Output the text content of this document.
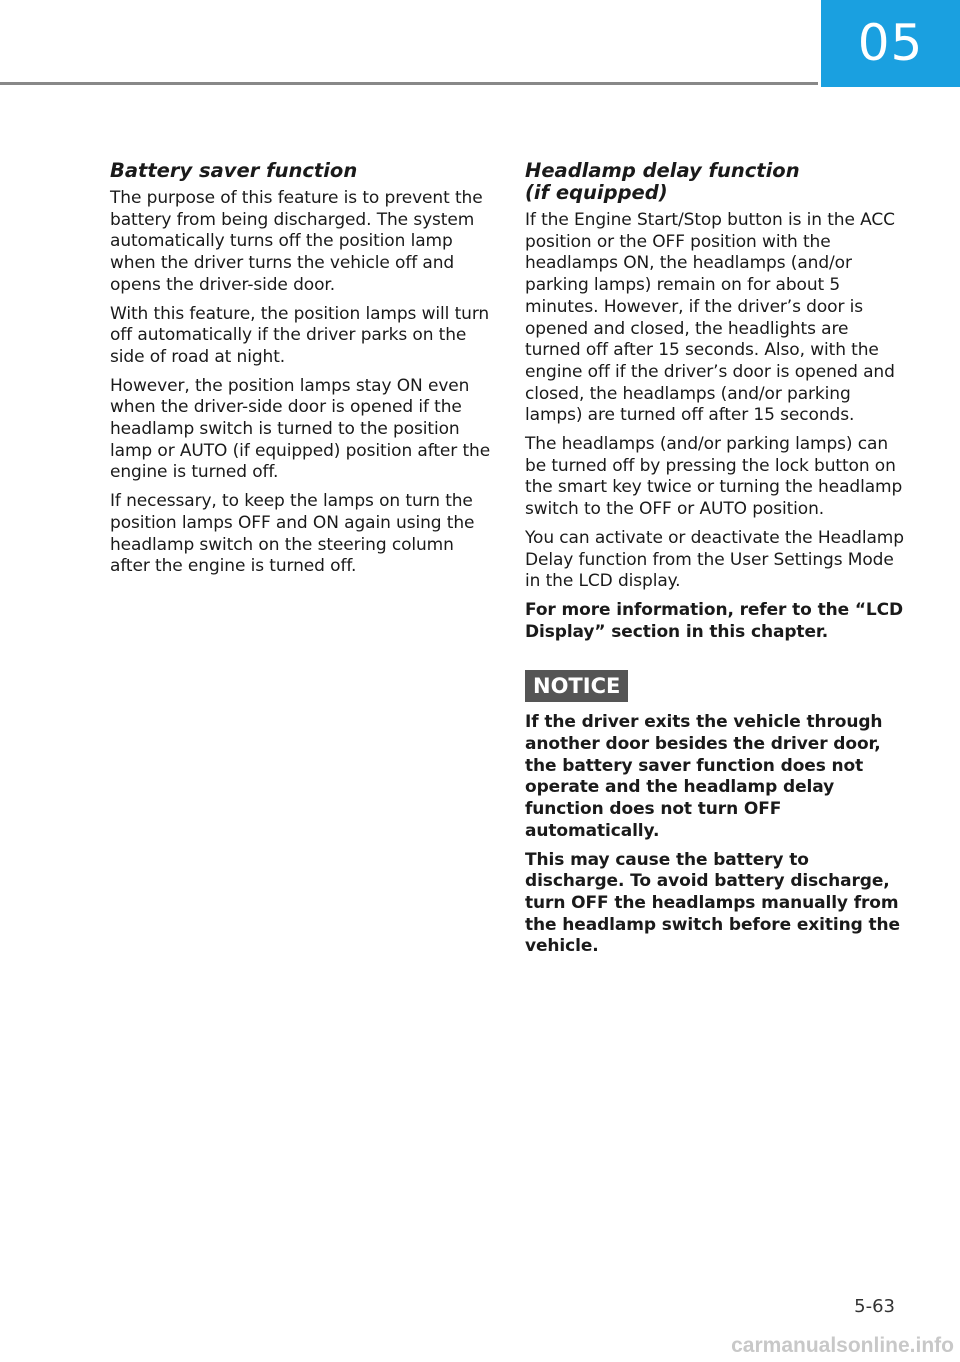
05
Battery saver function

The purpose of this feature is to prevent the battery from being discharged. The system automatically turns off the position lamp when the driver turns the vehicle off and opens the driver-side door.

With this feature, the position lamps will turn off automatically if the driver parks on the side of road at night.

However, the position lamps stay ON even when the driver-side door is opened if the headlamp switch is turned to the position lamp or AUTO (if equipped) position after the engine is turned off.

If necessary, to keep the lamps on turn the position lamps OFF and ON again using the headlamp switch on the steering column after the engine is turned off.

Headlamp delay function
(if equipped)

If the Engine Start/Stop button is in the ACC position or the OFF position with the headlamps ON, the headlamps (and/or parking lamps) remain on for about 5 minutes. However, if the driver’s door is opened and closed, the headlights are turned off after 15 seconds. Also, with the engine off if the driver’s door is opened and closed, the headlamps (and/or parking lamps) are turned off after 15 seconds.

The headlamps (and/or parking lamps) can be turned off by pressing the lock button on the smart key twice or turning the headlamp switch to the OFF or AUTO position.

You can activate or deactivate the Headlamp Delay function from the User Settings Mode in the LCD display.

For more information, refer to the “LCD Display” section in this chapter.

NOTICE

If the driver exits the vehicle through another door besides the driver door, the battery saver function does not operate and the headlamp delay function does not turn OFF automatically.

This may cause the battery to discharge. To avoid battery discharge, turn OFF the headlamps manually from the headlamp switch before exiting the vehicle.

5-63
carmanualsonline.info
